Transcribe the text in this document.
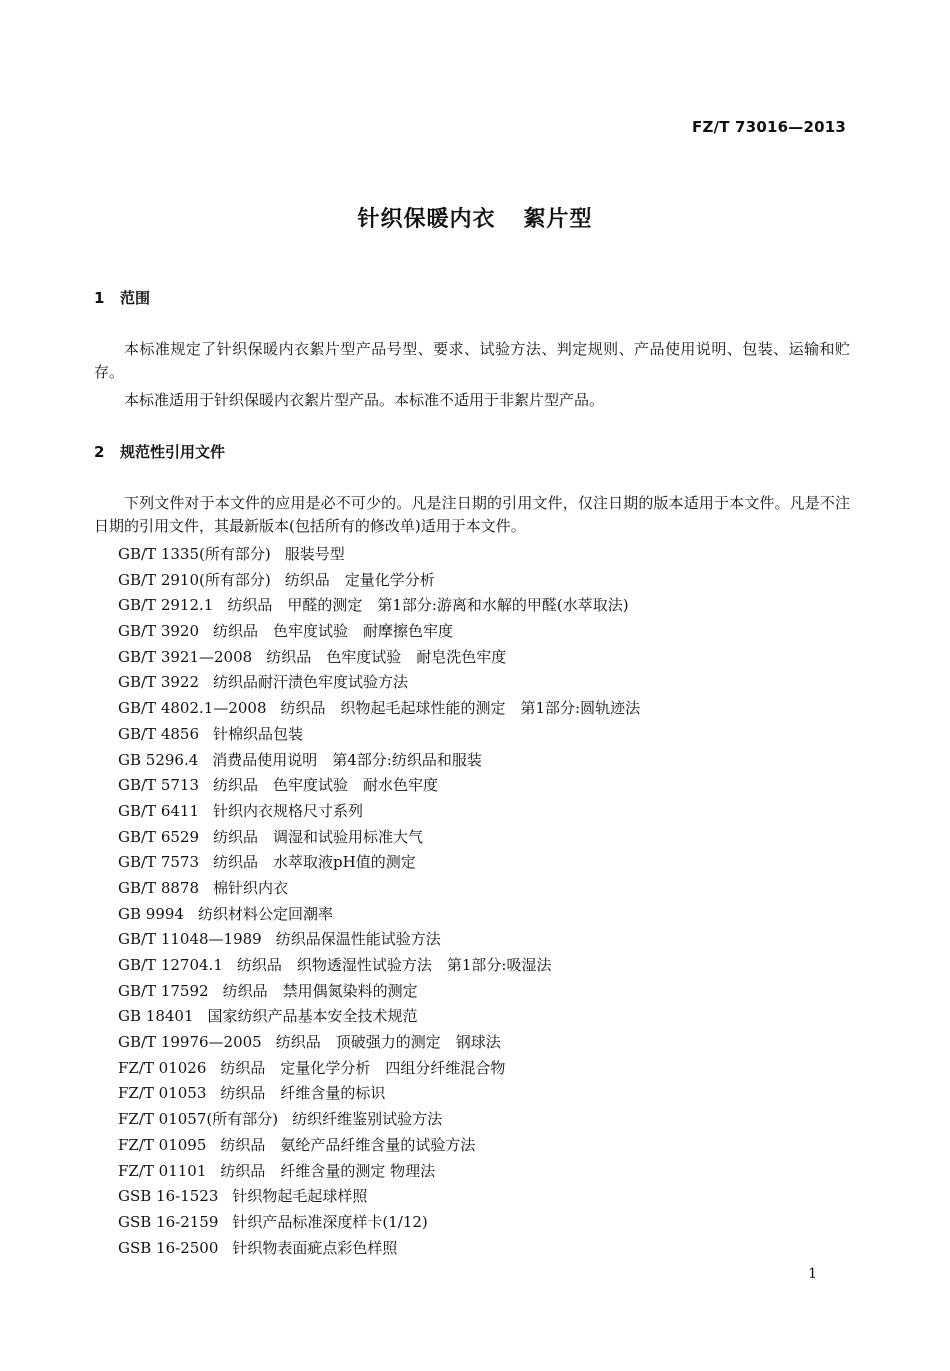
FZ/T 73016—2013
针织保暖内衣 絮片型
1 范围
本标准规定了针织保暖内衣絮片型产品号型、要求、试验方法、判定规则、产品使用说明、包装、运输和贮存。
本标准适用于针织保暖内衣絮片型产品。本标准不适用于非絮片型产品。
2 规范性引用文件
下列文件对于本文件的应用是必不可少的。凡是注日期的引用文件，仅注日期的版本适用于本文件。凡是不注日期的引用文件，其最新版本(包括所有的修改单)适用于本文件。
GB/T 1335(所有部分) 服装号型
GB/T 2910(所有部分) 纺织品　定量化学分析
GB/T 2912.1 纺织品　甲醛的测定　第1部分:游离和水解的甲醛(水萃取法)
GB/T 3920 纺织品　色牢度试验　耐摩擦色牢度
GB/T 3921—2008 纺织品　色牢度试验　耐皂洗色牢度
GB/T 3922 纺织品耐汗渍色牢度试验方法
GB/T 4802.1—2008 纺织品　织物起毛起球性能的测定　第1部分:圆轨迹法
GB/T 4856 针棉织品包装
GB 5296.4 消费品使用说明　第4部分:纺织品和服装
GB/T 5713 纺织品　色牢度试验　耐水色牢度
GB/T 6411 针织内衣规格尺寸系列
GB/T 6529 纺织品　调湿和试验用标准大气
GB/T 7573 纺织品　水萃取液pH值的测定
GB/T 8878 棉针织内衣
GB 9994 纺织材料公定回潮率
GB/T 11048—1989 纺织品保温性能试验方法
GB/T 12704.1 纺织品　织物透湿性试验方法　第1部分:吸湿法
GB/T 17592 纺织品　禁用偶氮染料的测定
GB 18401 国家纺织产品基本安全技术规范
GB/T 19976—2005 纺织品　顶破强力的测定　钢球法
FZ/T 01026 纺织品　定量化学分析　四组分纤维混合物
FZ/T 01053 纺织品　纤维含量的标识
FZ/T 01057(所有部分) 纺织纤维鉴别试验方法
FZ/T 01095 纺织品　氨纶产品纤维含量的试验方法
FZ/T 01101 纺织品　纤维含量的测定 物理法
GSB 16-1523 针织物起毛起球样照
GSB 16-2159 针织产品标准深度样卡(1/12)
GSB 16-2500 针织物表面疵点彩色样照
1
